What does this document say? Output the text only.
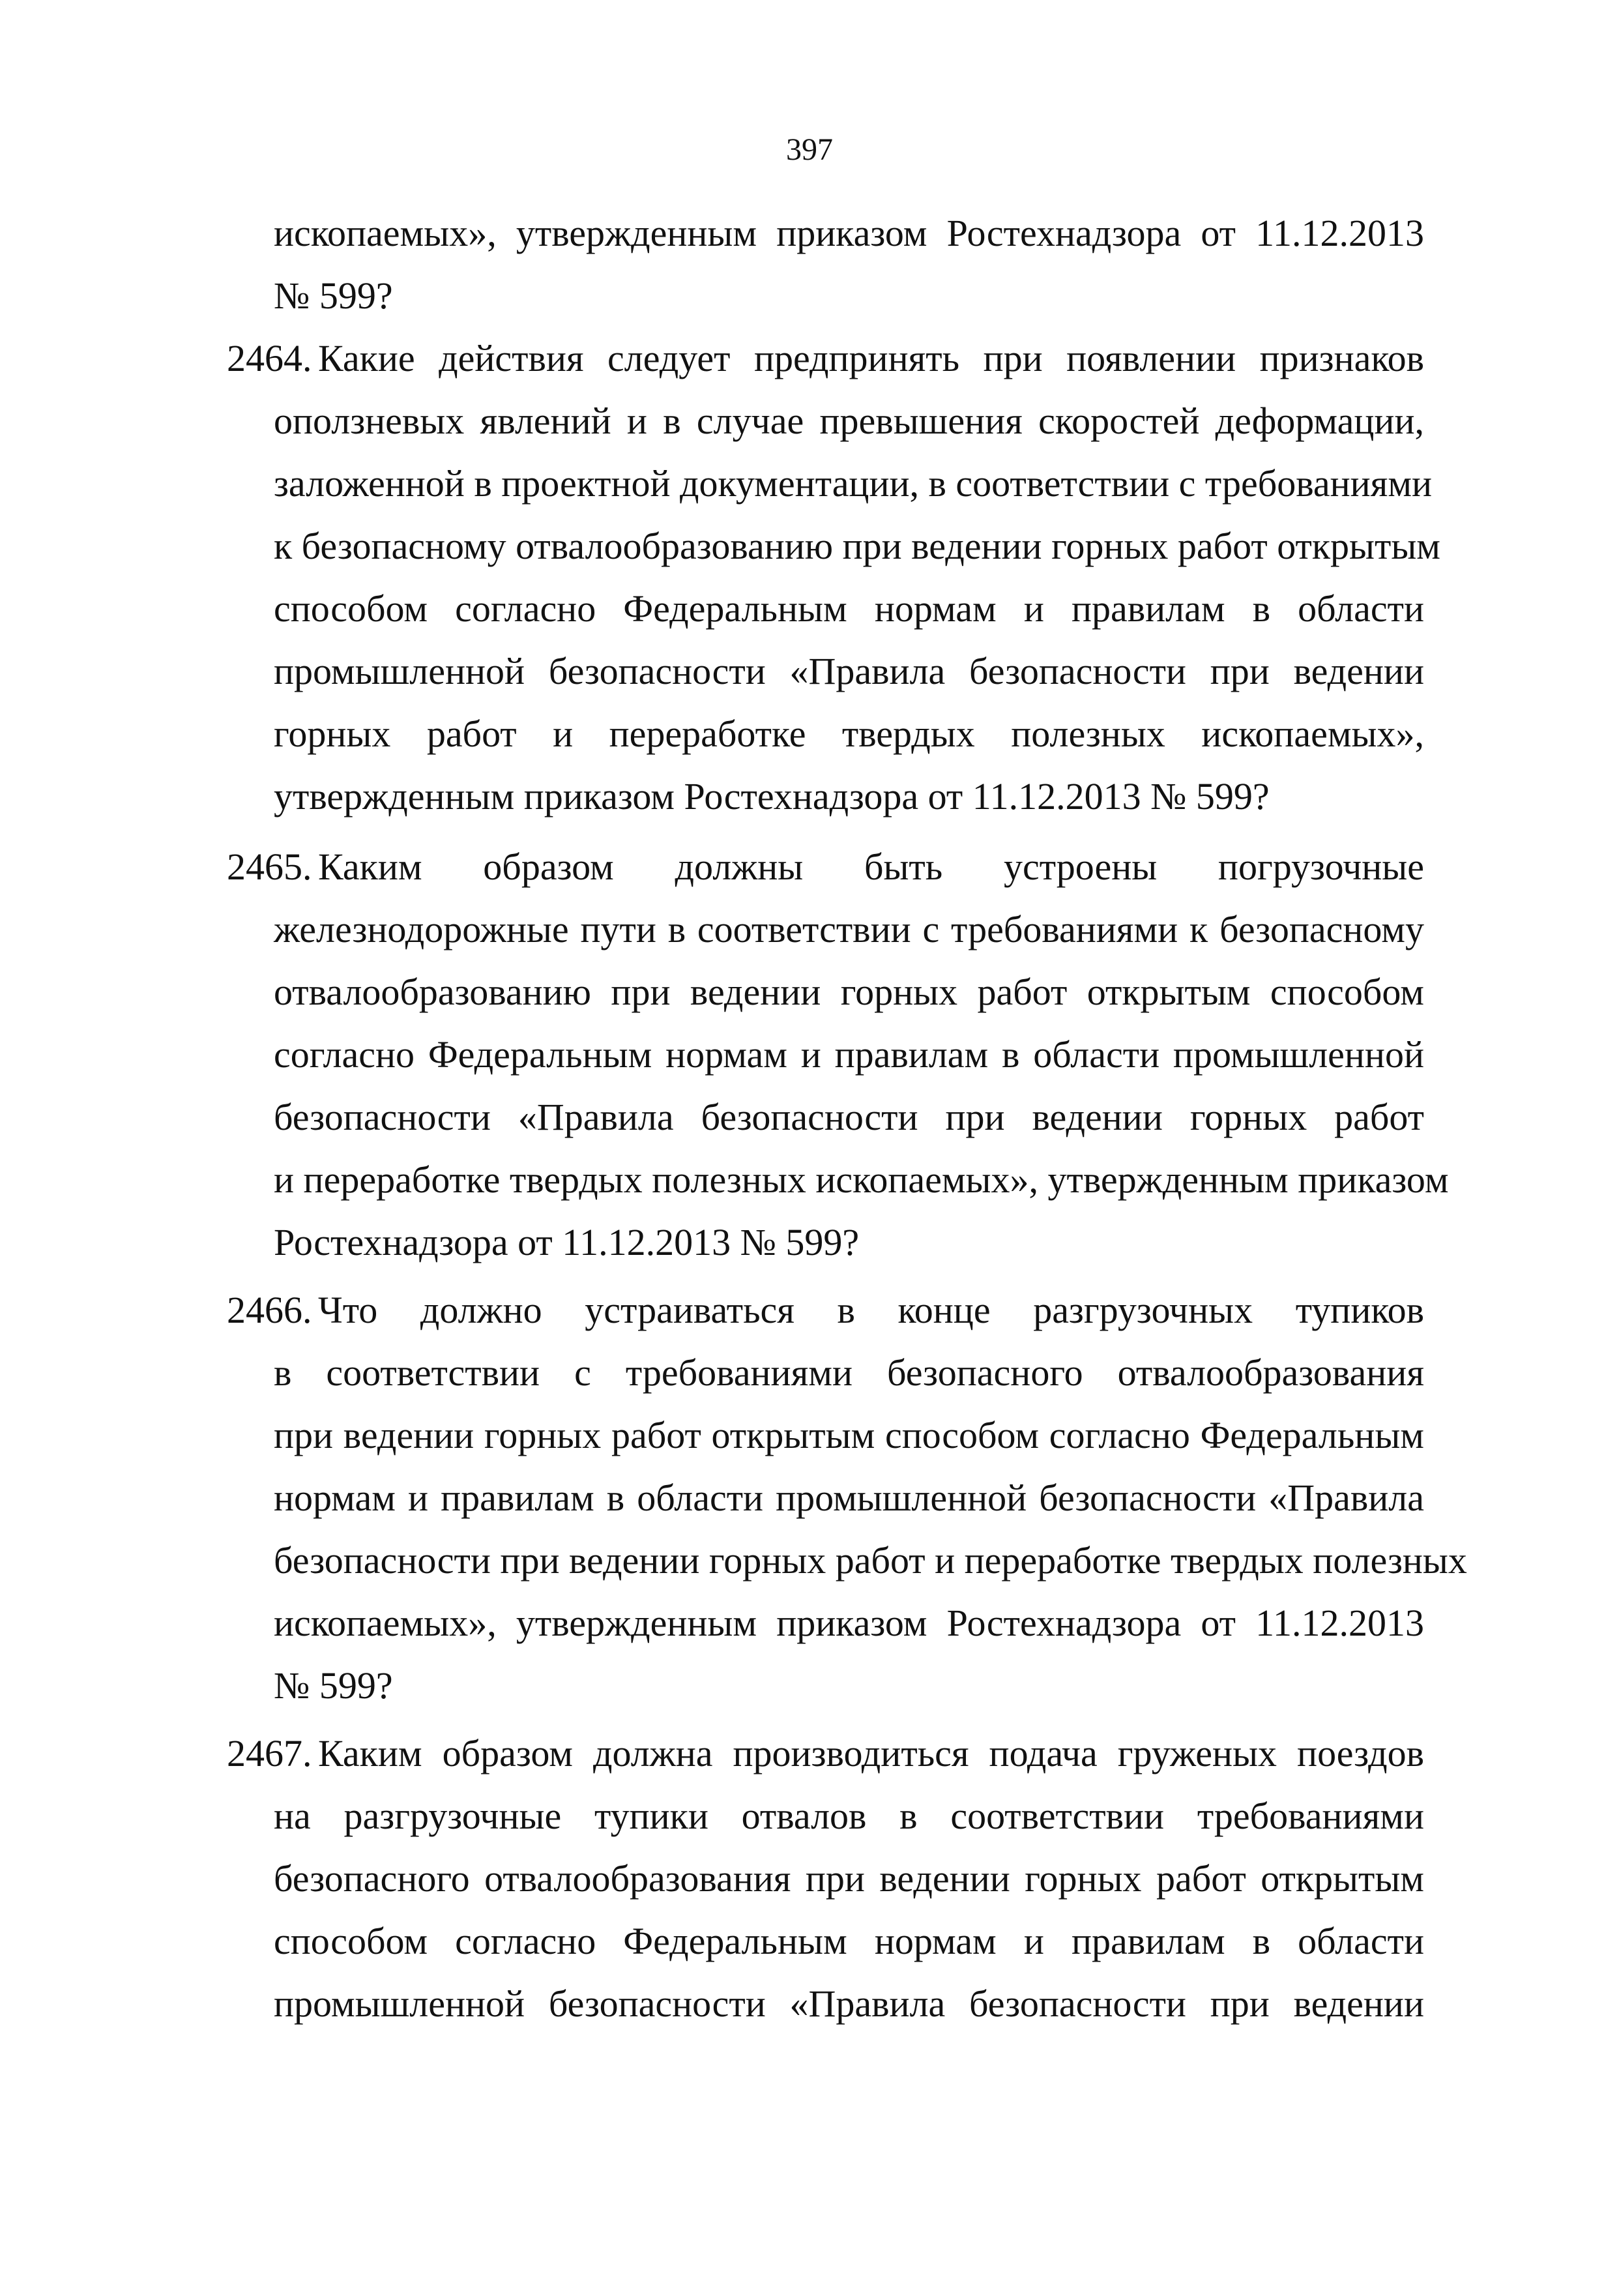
397
ископаемых», утвержденным приказом Ростехнадзора от 11.12.2013
№ 599?
2464. Какие действия следует предпринять при появлении признаков
оползневых явлений и в случае превышения скоростей деформации,
заложенной в проектной документации, в соответствии с требованиями
к безопасному отвалообразованию при ведении горных работ открытым
способом согласно Федеральным нормам и правилам в области
промышленной безопасности «Правила безопасности при ведении
горных работ и переработке твердых полезных ископаемых»,
утвержденным приказом Ростехнадзора от 11.12.2013 № 599?
2465. Каким образом должны быть устроены погрузочные
железнодорожные пути в соответствии с требованиями к безопасному
отвалообразованию при ведении горных работ открытым способом
согласно Федеральным нормам и правилам в области промышленной
безопасности «Правила безопасности при ведении горных работ
и переработке твердых полезных ископаемых», утвержденным приказом
Ростехнадзора от 11.12.2013 № 599?
2466. Что должно устраиваться в конце разгрузочных тупиков
в соответствии с требованиями безопасного отвалообразования
при ведении горных работ открытым способом согласно Федеральным
нормам и правилам в области промышленной безопасности «Правила
безопасности при ведении горных работ и переработке твердых полезных
ископаемых», утвержденным приказом Ростехнадзора от 11.12.2013
№ 599?
2467. Каким образом должна производиться подача груженых поездов
на разгрузочные тупики отвалов в соответствии требованиями
безопасного отвалообразования при ведении горных работ открытым
способом согласно Федеральным нормам и правилам в области
промышленной безопасности «Правила безопасности при ведении
